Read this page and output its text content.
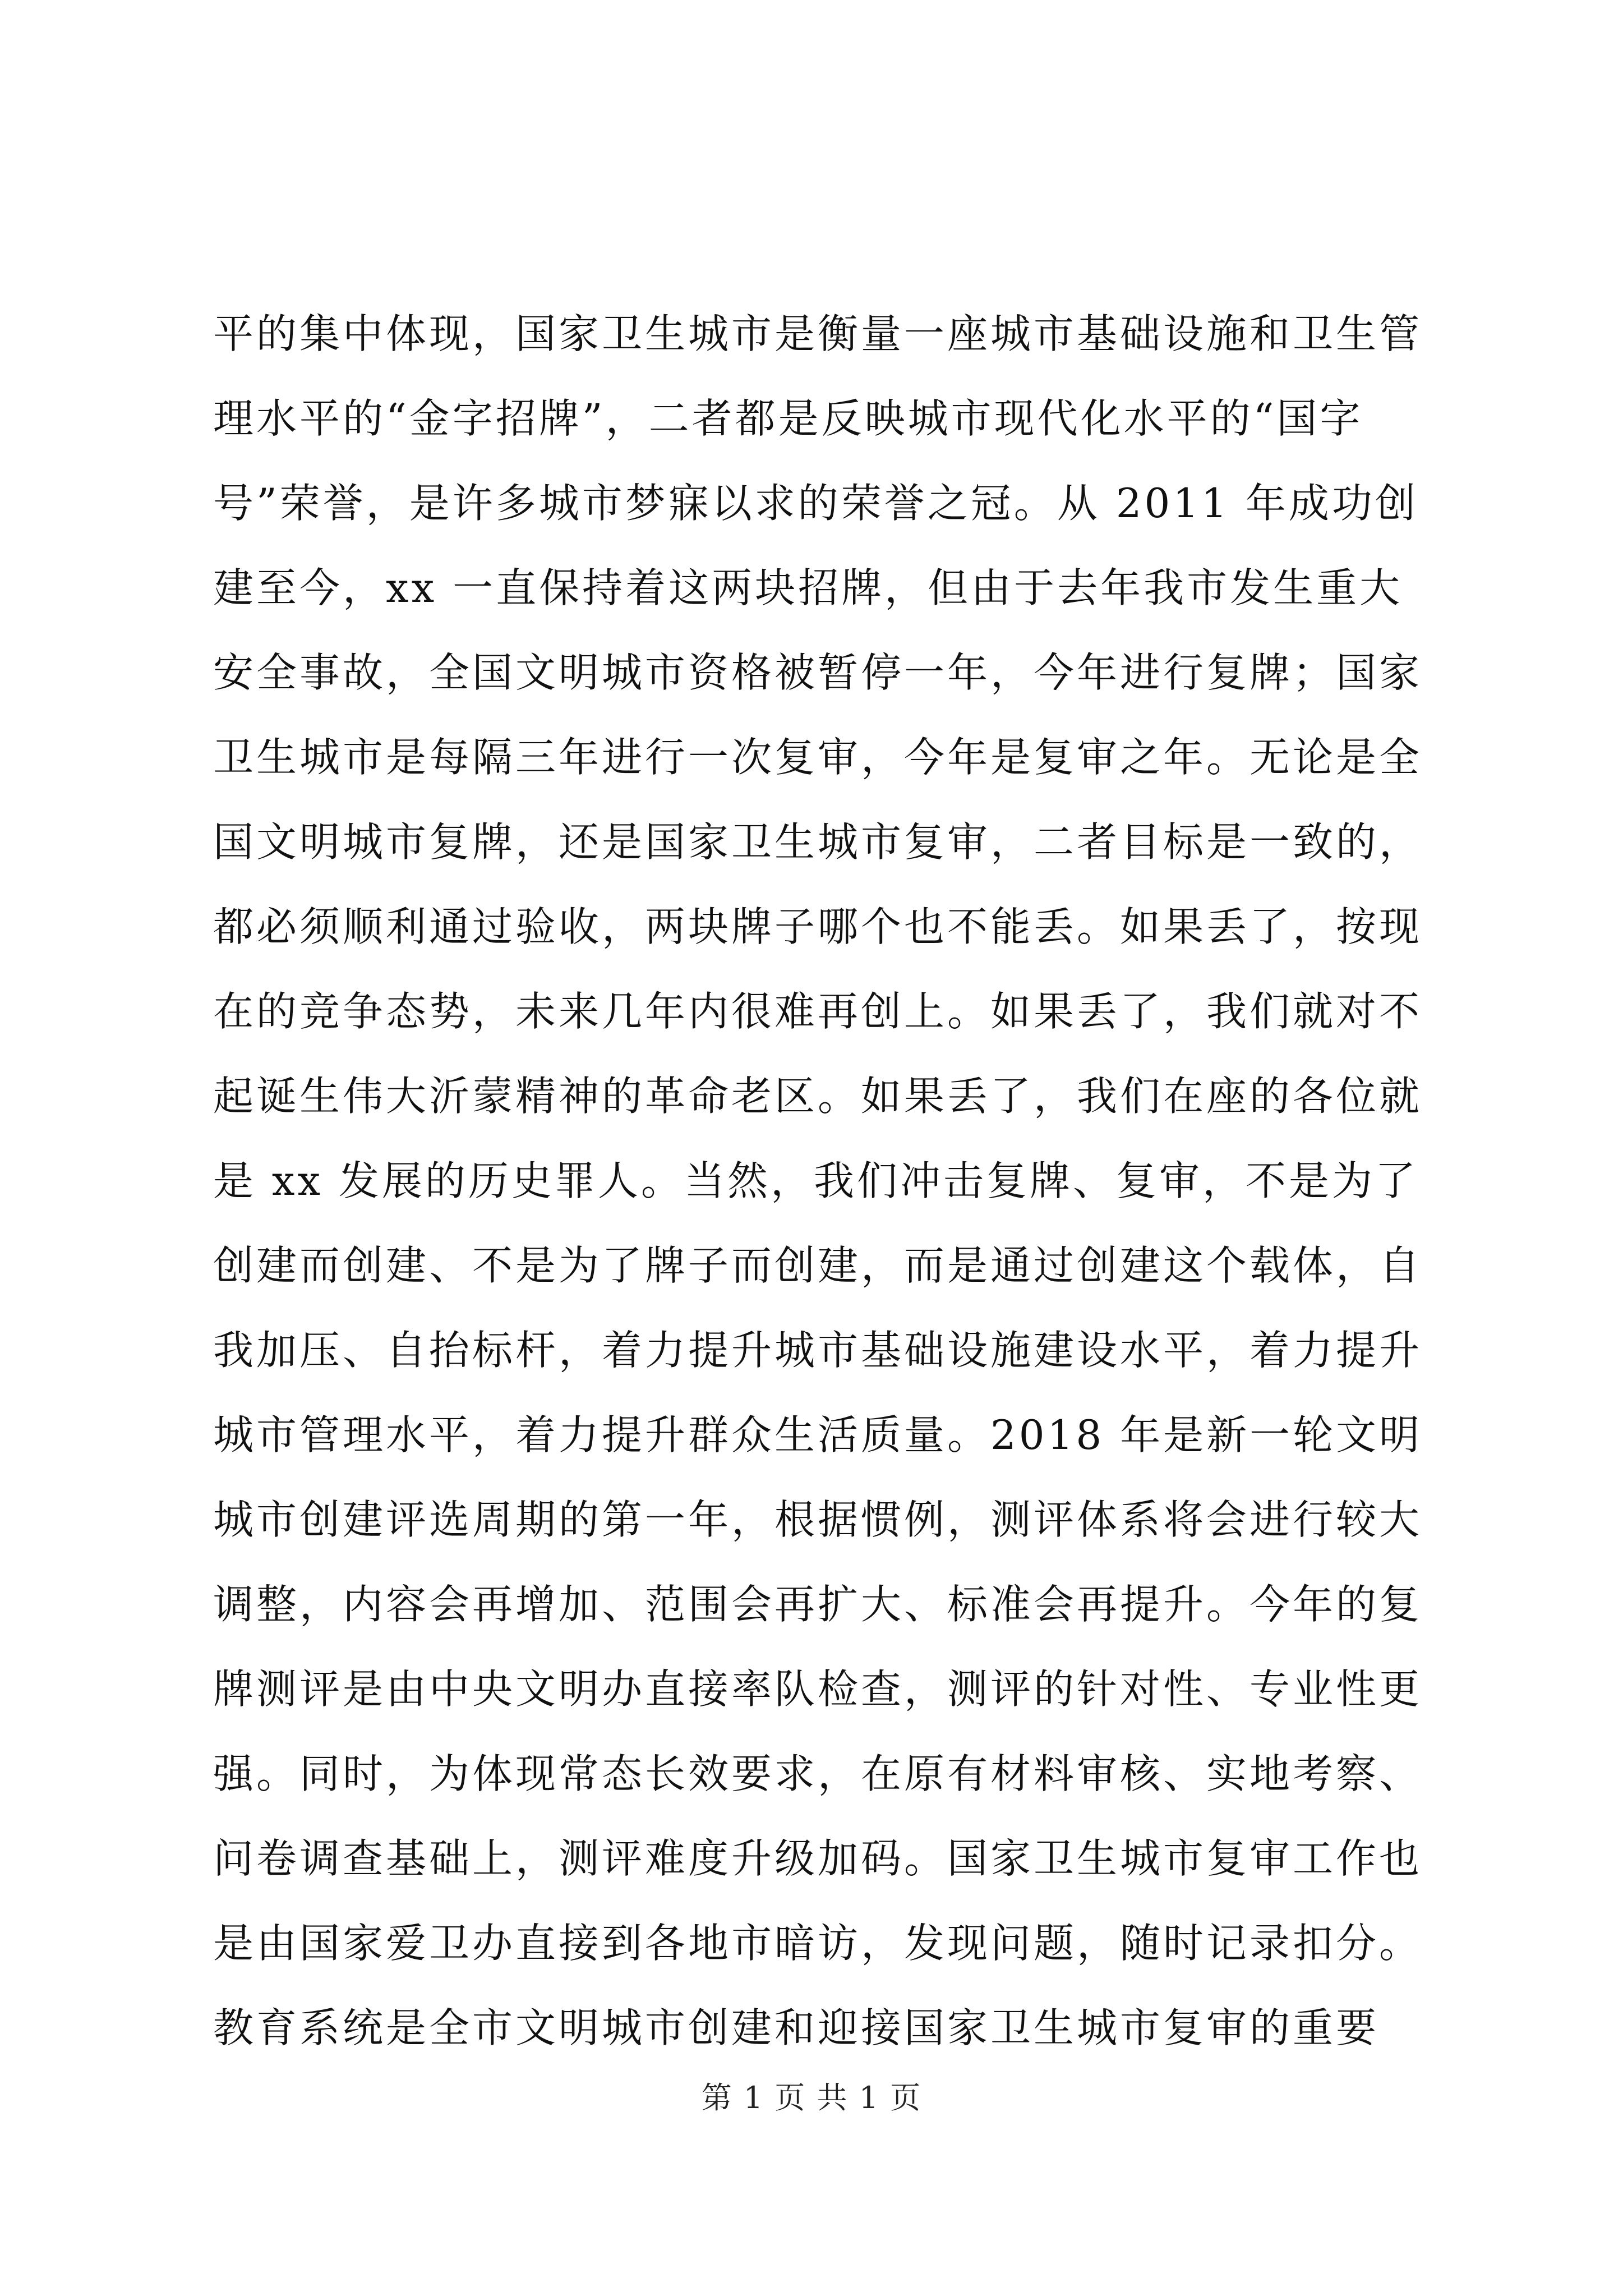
平的集中体现，国家卫生城市是衡量一座城市基础设施和卫生管
理水平的“金字招牌”，二者都是反映城市现代化水平的“国字
号”荣誉，是许多城市梦寐以求的荣誉之冠。从 2011 年成功创
建至今，xx 一直保持着这两块招牌，但由于去年我市发生重大
安全事故，全国文明城市资格被暂停一年，今年进行复牌；国家
卫生城市是每隔三年进行一次复审，今年是复审之年。无论是全
国文明城市复牌，还是国家卫生城市复审，二者目标是一致的，
都必须顺利通过验收，两块牌子哪个也不能丢。如果丢了，按现
在的竞争态势，未来几年内很难再创上。如果丢了，我们就对不
起诞生伟大沂蒙精神的革命老区。如果丢了，我们在座的各位就
是 xx 发展的历史罪人。当然，我们冲击复牌、复审，不是为了
创建而创建、不是为了牌子而创建，而是通过创建这个载体，自
我加压、自抬标杆，着力提升城市基础设施建设水平，着力提升
城市管理水平，着力提升群众生活质量。2018 年是新一轮文明
城市创建评选周期的第一年，根据惯例，测评体系将会进行较大
调整，内容会再增加、范围会再扩大、标准会再提升。今年的复
牌测评是由中央文明办直接率队检查，测评的针对性、专业性更
强。同时，为体现常态长效要求，在原有材料审核、实地考察、
问卷调查基础上，测评难度升级加码。国家卫生城市复审工作也
是由国家爱卫办直接到各地市暗访，发现问题，随时记录扣分。
教育系统是全市文明城市创建和迎接国家卫生城市复审的重要
第 1 页 共 1 页
